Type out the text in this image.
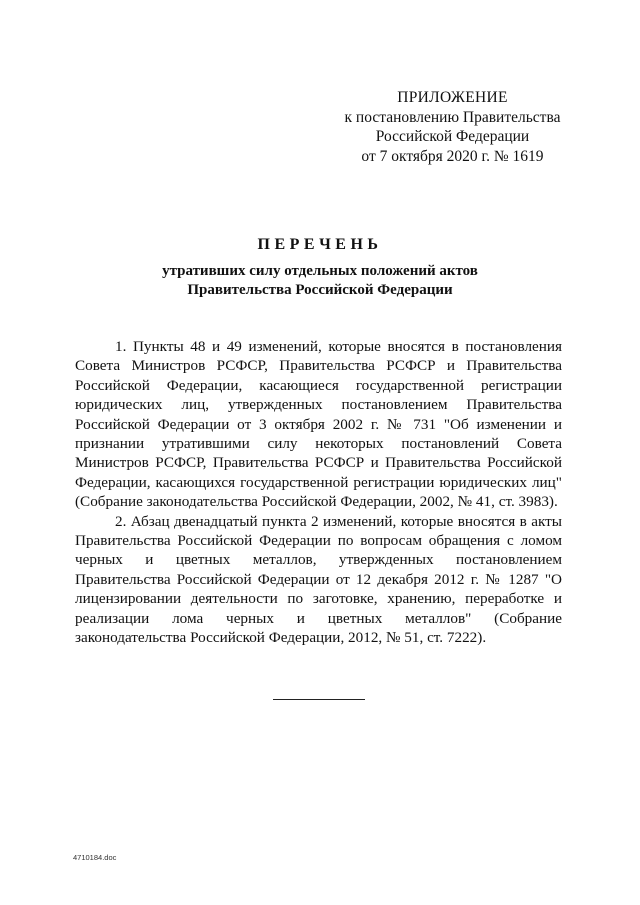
ПРИЛОЖЕНИЕ
к постановлению Правительства
Российской Федерации
от 7 октября 2020 г. № 1619
ПЕРЕЧЕНЬ
утративших силу отдельных положений актов
Правительства Российской Федерации

1. Пункты 48 и 49 изменений, которые вносятся в постановления Совета Министров РСФСР, Правительства РСФСР и Правительства Российской Федерации, касающиеся государственной регистрации юридических лиц, утвержденных постановлением Правительства Российской Федерации от 3 октября 2002 г. № 731 "Об изменении и признании утратившими силу некоторых постановлений Совета Министров РСФСР, Правительства РСФСР и Правительства Российской Федерации, касающихся государственной регистрации юридических лиц" (Собрание законодательства Российской Федерации, 2002, № 41, ст. 3983).

2. Абзац двенадцатый пункта 2 изменений, которые вносятся в акты Правительства Российской Федерации по вопросам обращения с ломом черных и цветных металлов, утвержденных постановлением Правительства Российской Федерации от 12 декабря 2012 г. № 1287 "О лицензировании деятельности по заготовке, хранению, переработке и реализации лома черных и цветных металлов" (Собрание законодательства Российской Федерации, 2012, № 51, ст. 7222).

4710184.doc
